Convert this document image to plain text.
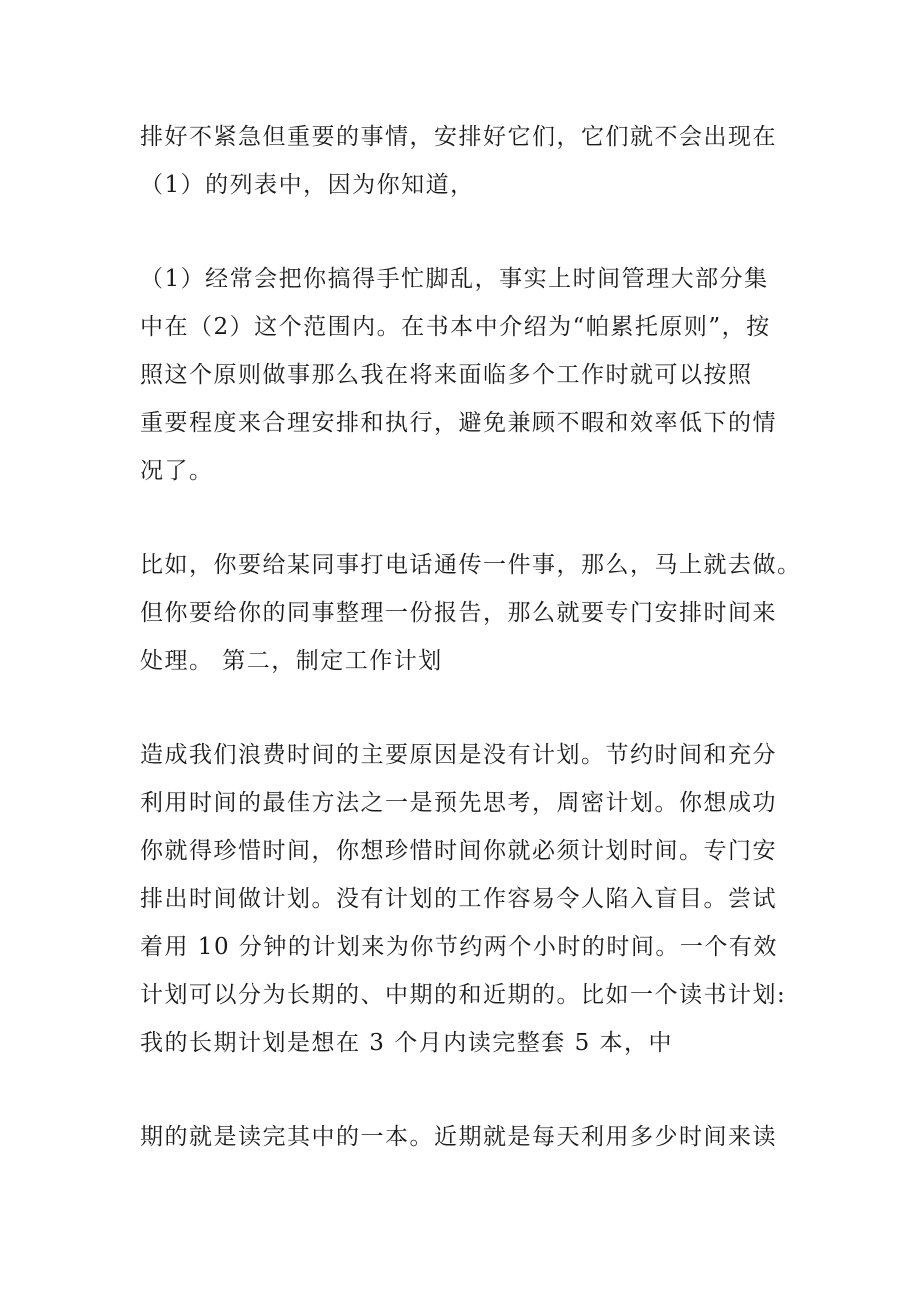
排好不紧急但重要的事情，安排好它们，它们就不会出现在
（1）的列表中，因为你知道，
（1）经常会把你搞得手忙脚乱，事实上时间管理大部分集
中在（2）这个范围内。在书本中介绍为“帕累托原则”，按
照这个原则做事那么我在将来面临多个工作时就可以按照
重要程度来合理安排和执行，避免兼顾不暇和效率低下的情
况了。
比如，你要给某同事打电话通传一件事，那么，马上就去做。
但你要给你的同事整理一份报告，那么就要专门安排时间来
处理。 第二，制定工作计划
造成我们浪费时间的主要原因是没有计划。节约时间和充分
利用时间的最佳方法之一是预先思考，周密计划。你想成功
你就得珍惜时间，你想珍惜时间你就必须计划时间。专门安
排出时间做计划。没有计划的工作容易令人陷入盲目。尝试
着用 10 分钟的计划来为你节约两个小时的时间。一个有效
计划可以分为长期的、中期的和近期的。比如一个读书计划:
我的长期计划是想在 3 个月内读完整套 5 本，中
期的就是读完其中的一本。近期就是每天利用多少时间来读
